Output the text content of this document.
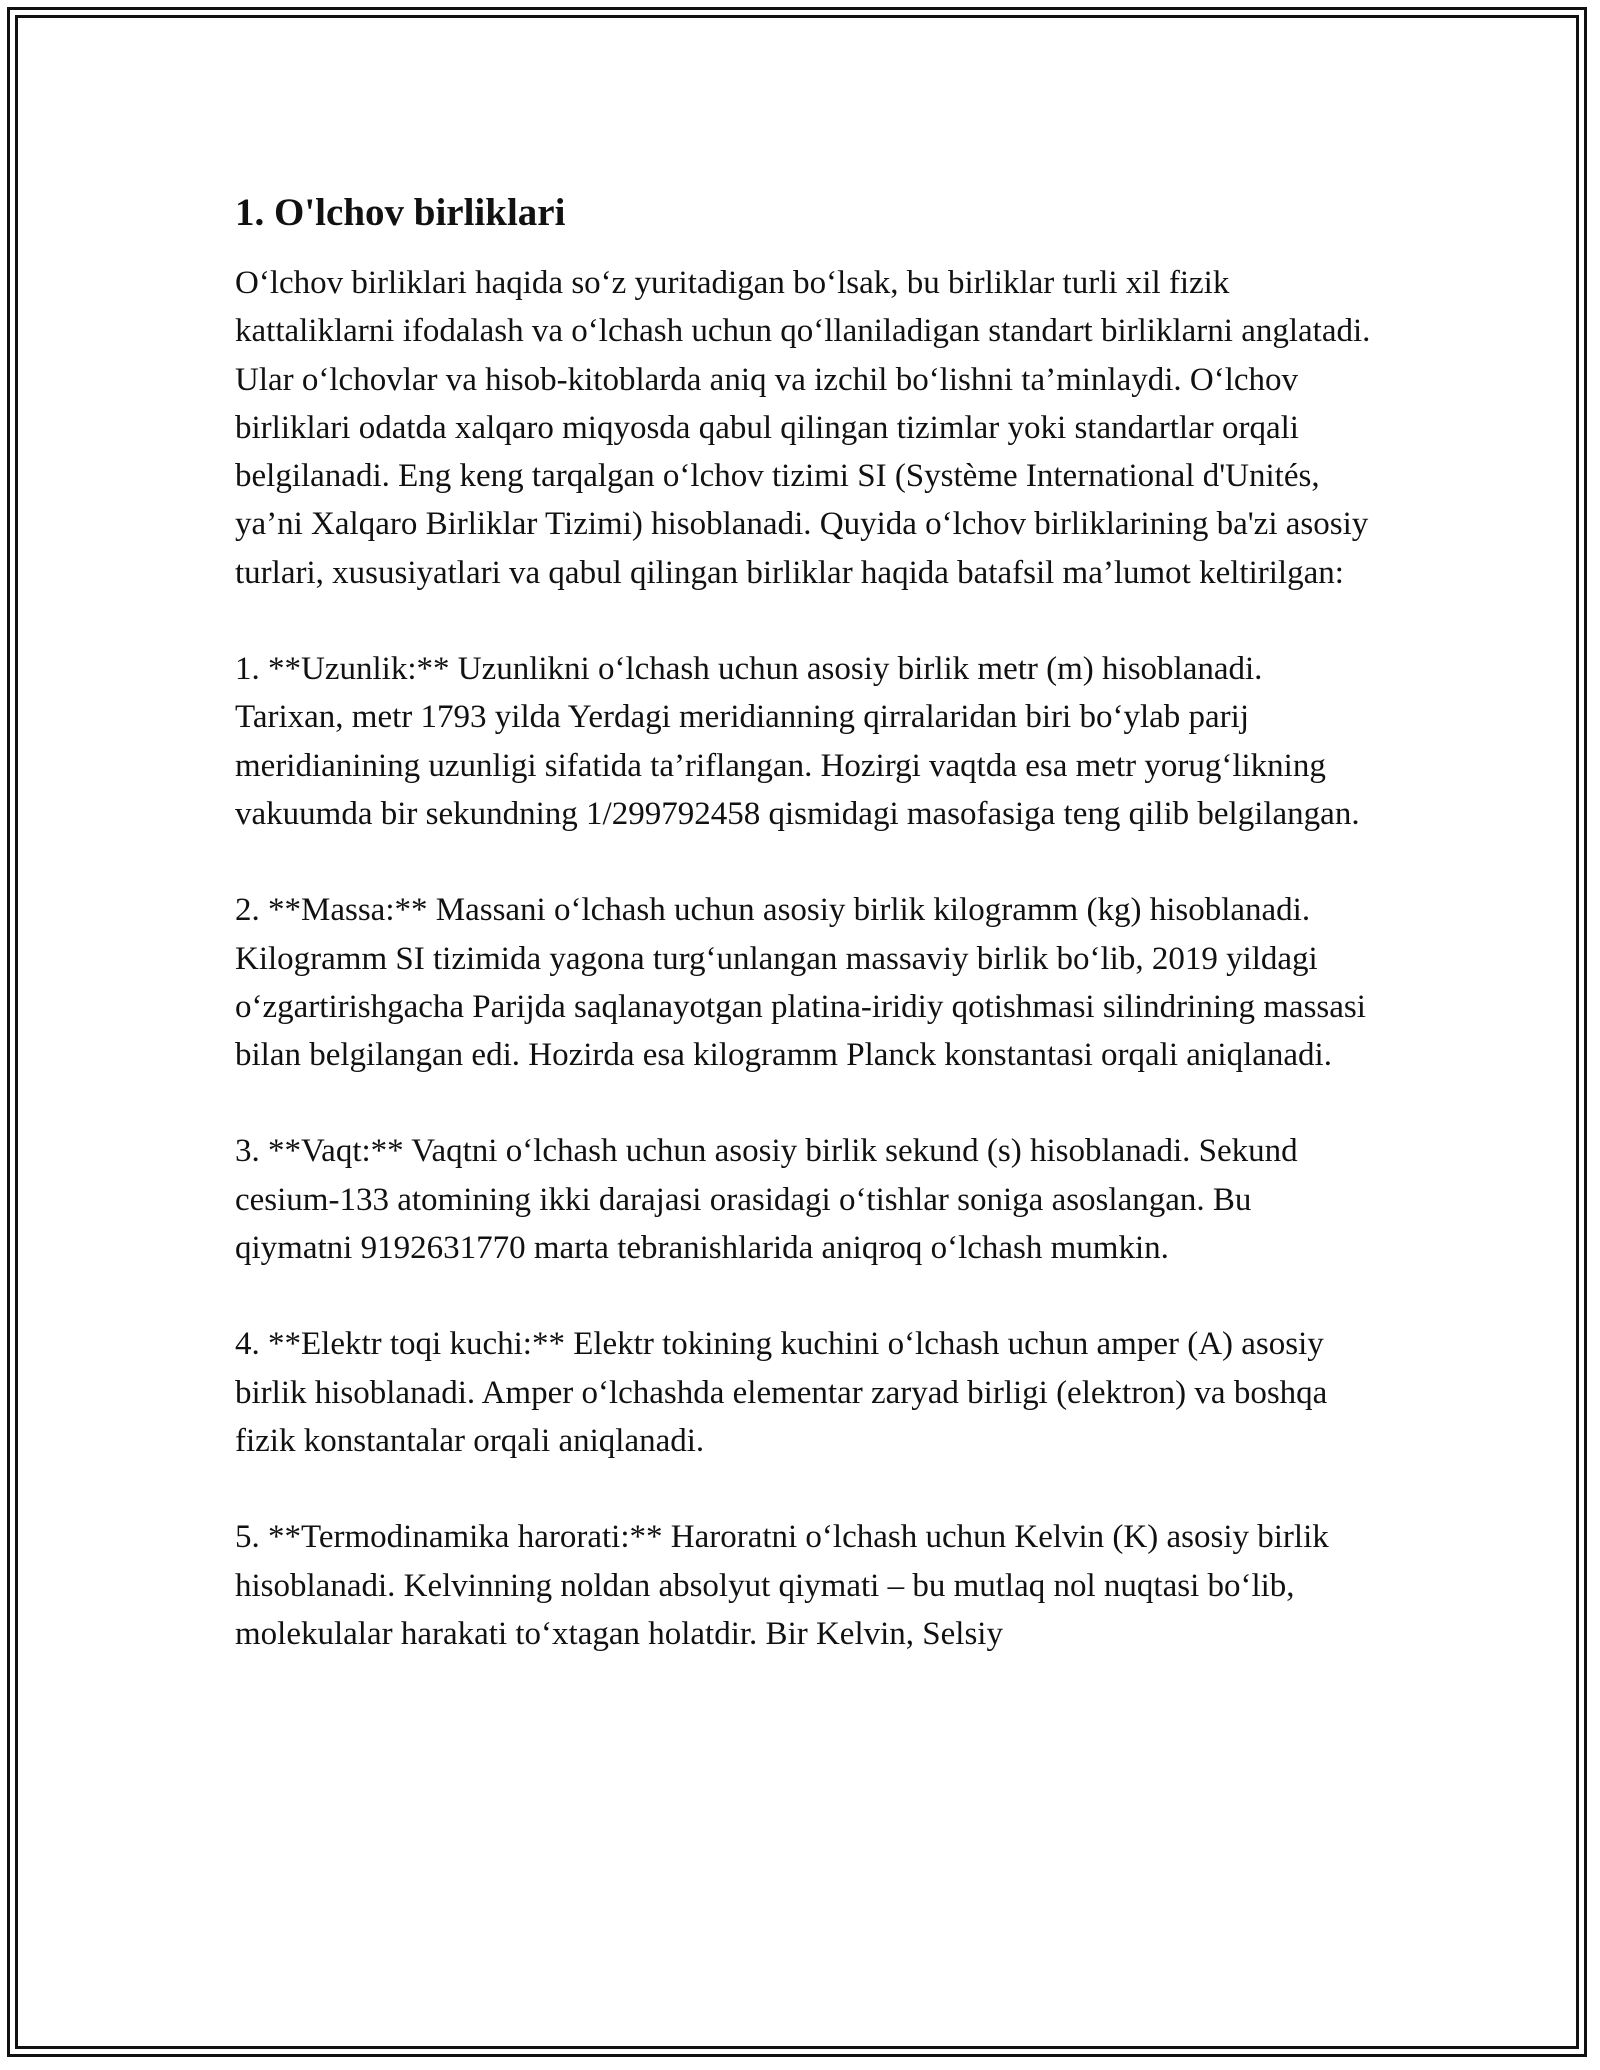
1. O'lchov birliklari

O‘lchov birliklari haqida so‘z yuritadigan bo‘lsak, bu birliklar turli xil fizik kattaliklarni ifodalash va o‘lchash uchun qo‘llaniladigan standart birliklarni anglatadi. Ular o‘lchovlar va hisob-kitoblarda aniq va izchil bo‘lishni ta’minlaydi. O‘lchov birliklari odatda xalqaro miqyosda qabul qilingan tizimlar yoki standartlar orqali belgilanadi. Eng keng tarqalgan o‘lchov tizimi SI (Système International d'Unités, ya’ni Xalqaro Birliklar Tizimi) hisoblanadi. Quyida o‘lchov birliklarining ba'zi asosiy turlari, xususiyatlari va qabul qilingan birliklar haqida batafsil ma’lumot keltirilgan:

1. **Uzunlik:** Uzunlikni o‘lchash uchun asosiy birlik metr (m) hisoblanadi. Tarixan, metr 1793 yilda Yerdagi meridianning qirralaridan biri bo‘ylab parij meridianining uzunligi sifatida ta’riflangan. Hozirgi vaqtda esa metr yorug‘likning vakuumda bir sekundning 1/299792458 qismidagi masofasiga teng qilib belgilangan.

2. **Massa:** Massani o‘lchash uchun asosiy birlik kilogramm (kg) hisoblanadi. Kilogramm SI tizimida yagona turg‘unlangan massaviy birlik bo‘lib, 2019 yildagi o‘zgartirishgacha Parijda saqlanayotgan platina-iridiy qotishmasi silindrining massasi bilan belgilangan edi. Hozirda esa kilogramm Planck konstantasi orqali aniqlanadi.

3. **Vaqt:** Vaqtni o‘lchash uchun asosiy birlik sekund (s) hisoblanadi. Sekund cesium-133 atomining ikki darajasi orasidagi o‘tishlar soniga asoslangan. Bu qiymatni 9192631770 marta tebranishlarida aniqroq o‘lchash mumkin.

4. **Elektr toqi kuchi:** Elektr tokining kuchini o‘lchash uchun amper (A) asosiy birlik hisoblanadi. Amper o‘lchashda elementar zaryad birligi (elektron) va boshqa fizik konstantalar orqali aniqlanadi.

5. **Termodinamika harorati:** Haroratni o‘lchash uchun Kelvin (K) asosiy birlik hisoblanadi. Kelvinning noldan absolyut qiymati – bu mutlaq nol nuqtasi bo‘lib, molekulalar harakati to‘xtagan holatdir. Bir Kelvin, Selsiy
